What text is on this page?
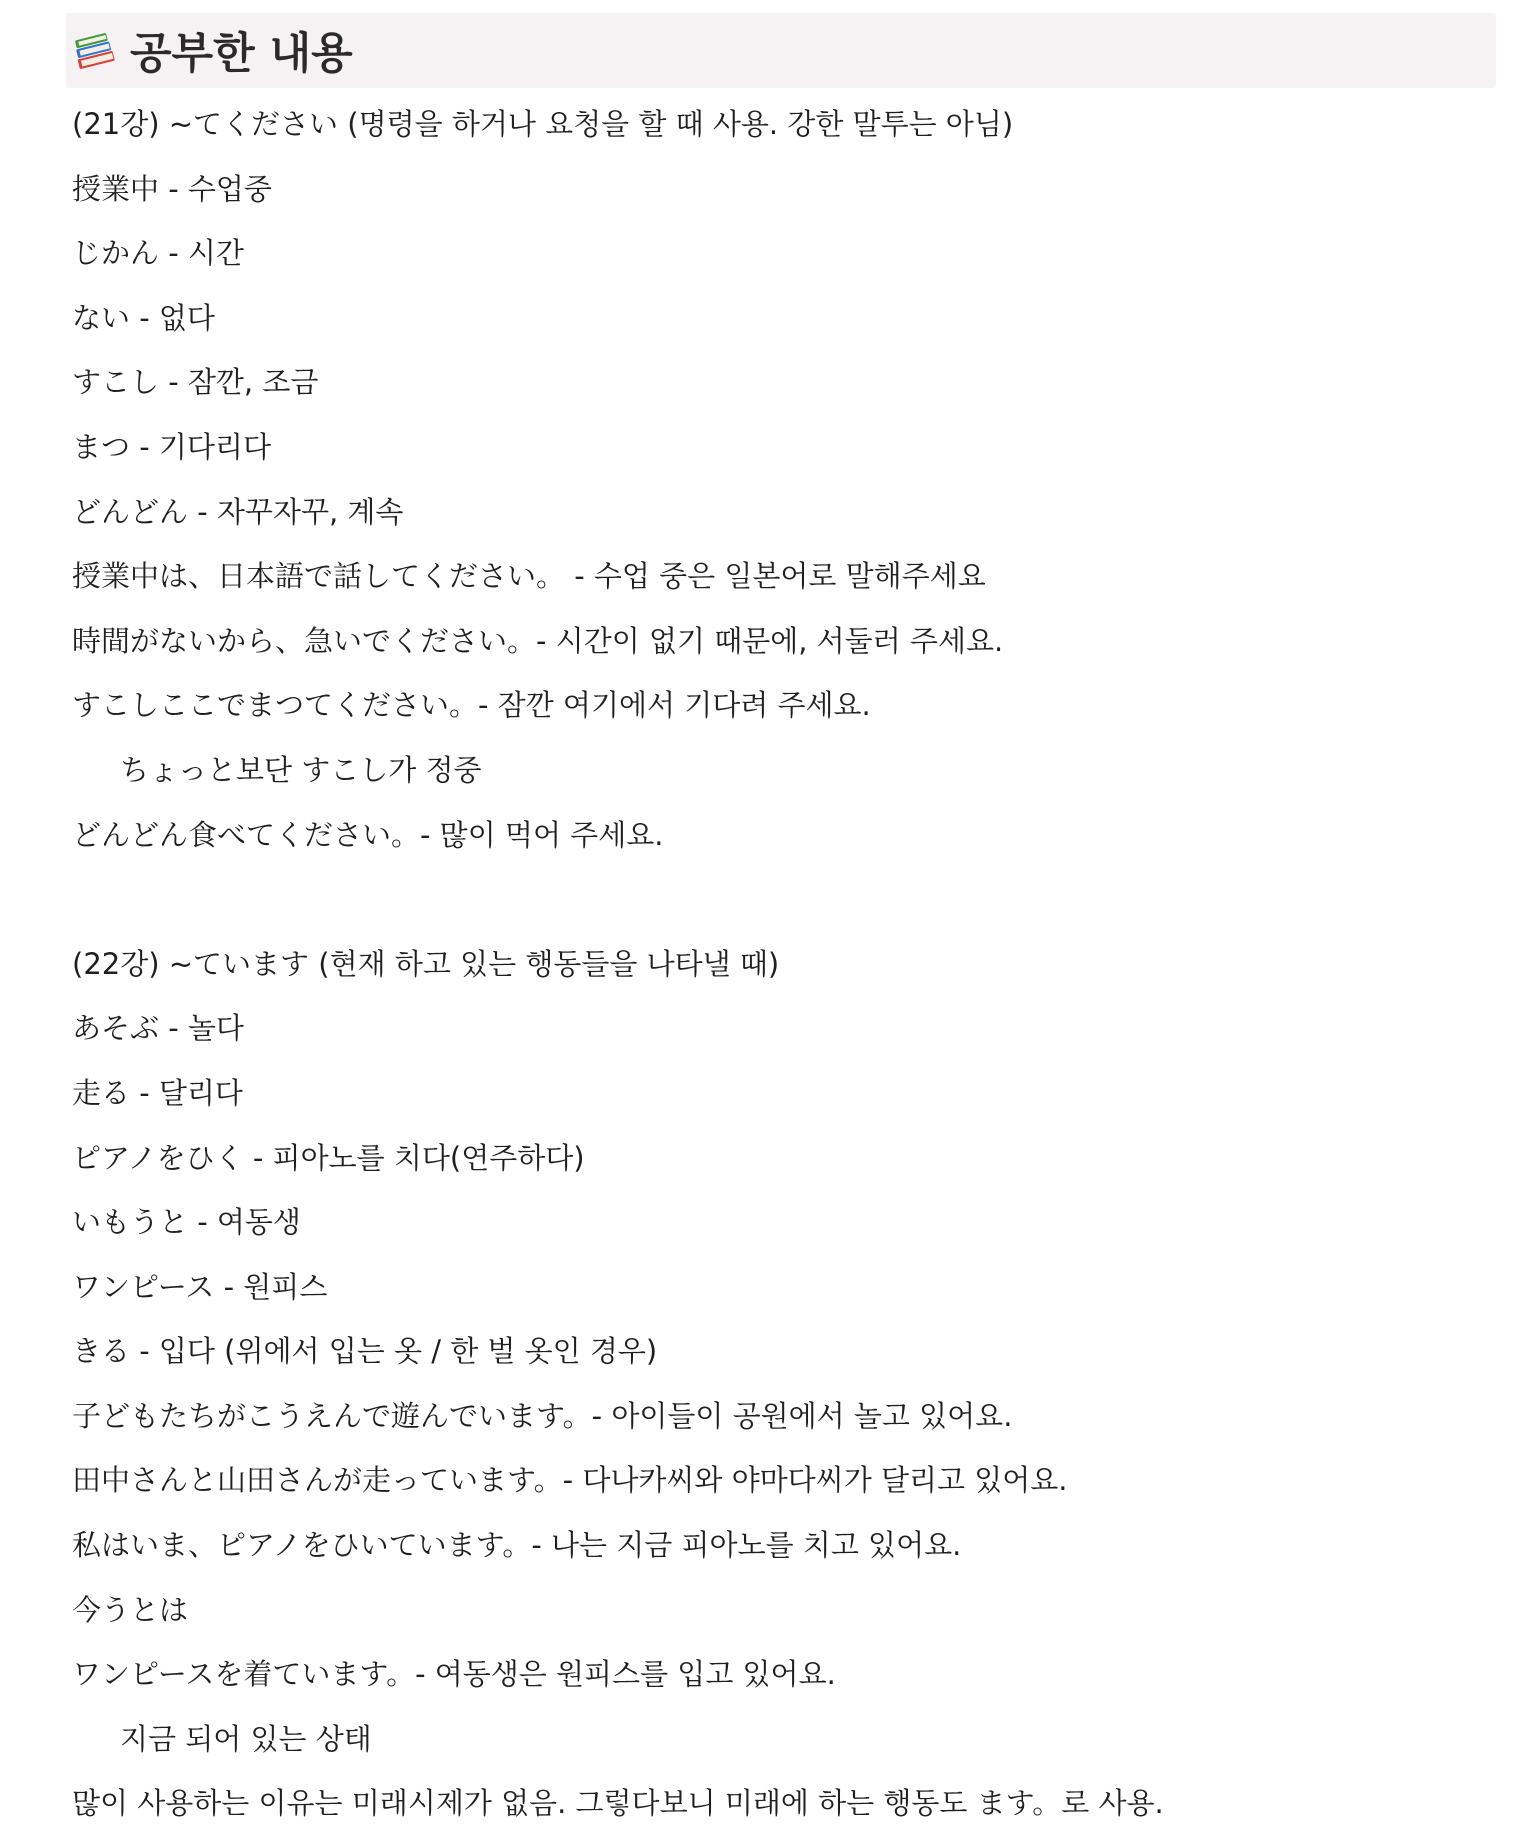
공부한 내용
(21강) ~てください (명령을 하거나 요청을 할 때 사용. 강한 말투는 아님)
授業中 - 수업중
じかん - 시간
ない - 없다
すこし - 잠깐, 조금
まつ - 기다리다
どんどん - 자꾸자꾸, 계속
授業中は、日本語で話してください。 - 수업 중은 일본어로 말해주세요
時間がないから、急いでください。- 시간이 없기 때문에, 서둘러 주세요.
すこしここでまつてください。- 잠깐 여기에서 기다려 주세요.
ちょっと보단 すこし가 정중
どんどん食べてください。- 많이 먹어 주세요.
(22강) ~ています (현재 하고 있는 행동들을 나타낼 때)
あそぶ - 놀다
走る - 달리다
ピアノをひく - 피아노를 치다(연주하다)
いもうと - 여동생
ワンピース - 원피스
きる - 입다 (위에서 입는 옷 / 한 벌 옷인 경우)
子どもたちがこうえんで遊んでいます。- 아이들이 공원에서 놀고 있어요.
田中さんと山田さんが走っています。- 다나카씨와 야마다씨가 달리고 있어요.
私はいま、ピアノをひいています。- 나는 지금 피아노를 치고 있어요.
今うとは
ワンピースを着ています。- 여동생은 원피스를 입고 있어요.
지금 되어 있는 상태
많이 사용하는 이유는 미래시제가 없음. 그렇다보니 미래에 하는 행동도 ます。로 사용.
